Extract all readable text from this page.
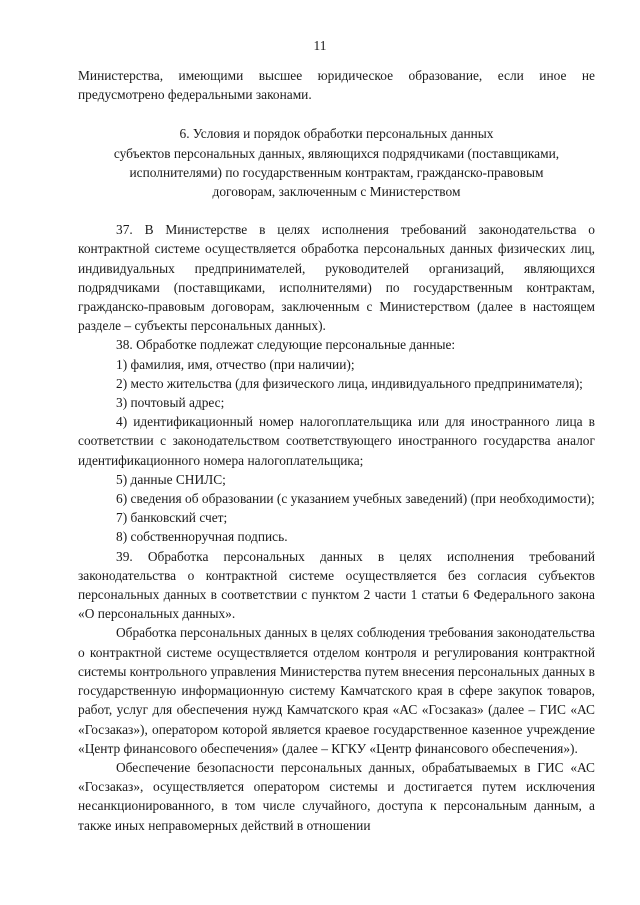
11

Министерства, имеющими высшее юридическое образование, если иное не предусмотрено федеральными законами.

6. Условия и порядок обработки персональных данных
субъектов персональных данных, являющихся подрядчиками (поставщиками,
исполнителями) по государственным контрактам, гражданско-правовым
договорам, заключенным с Министерством

37. В Министерстве в целях исполнения требований законодательства о контрактной системе осуществляется обработка персональных данных физических лиц, индивидуальных предпринимателей, руководителей организаций, являющихся подрядчиками (поставщиками, исполнителями) по государственным контрактам, гражданско-правовым договорам, заключенным с Министерством (далее в настоящем разделе – субъекты персональных данных).

38. Обработке подлежат следующие персональные данные:

1) фамилия, имя, отчество (при наличии);

2) место жительства (для физического лица, индивидуального предпринимателя);

3) почтовый адрес;

4) идентификационный номер налогоплательщика или для иностранного лица в соответствии с законодательством соответствующего иностранного государства аналог идентификационного номера налогоплательщика;

5) данные СНИЛС;

6) сведения об образовании (с указанием учебных заведений) (при необходимости);

7) банковский счет;

8) собственноручная подпись.

39. Обработка персональных данных в целях исполнения требований законодательства о контрактной системе осуществляется без согласия субъектов персональных данных в соответствии с пунктом 2 части 1 статьи 6 Федерального закона «О персональных данных».

Обработка персональных данных в целях соблюдения требования законодательства о контрактной системе осуществляется отделом контроля и регулирования контрактной системы контрольного управления Министерства путем внесения персональных данных в государственную информационную систему Камчатского края в сфере закупок товаров, работ, услуг для обеспечения нужд Камчатского края «АС «Госзаказ» (далее – ГИС «АС «Госзаказ»), оператором которой является краевое государственное казенное учреждение «Центр финансового обеспечения» (далее – КГКУ «Центр финансового обеспечения»).

Обеспечение безопасности персональных данных, обрабатываемых в ГИС «АС «Госзаказ», осуществляется оператором системы и достигается путем исключения несанкционированного, в том числе случайного, доступа к персональным данным, а также иных неправомерных действий в отношении
